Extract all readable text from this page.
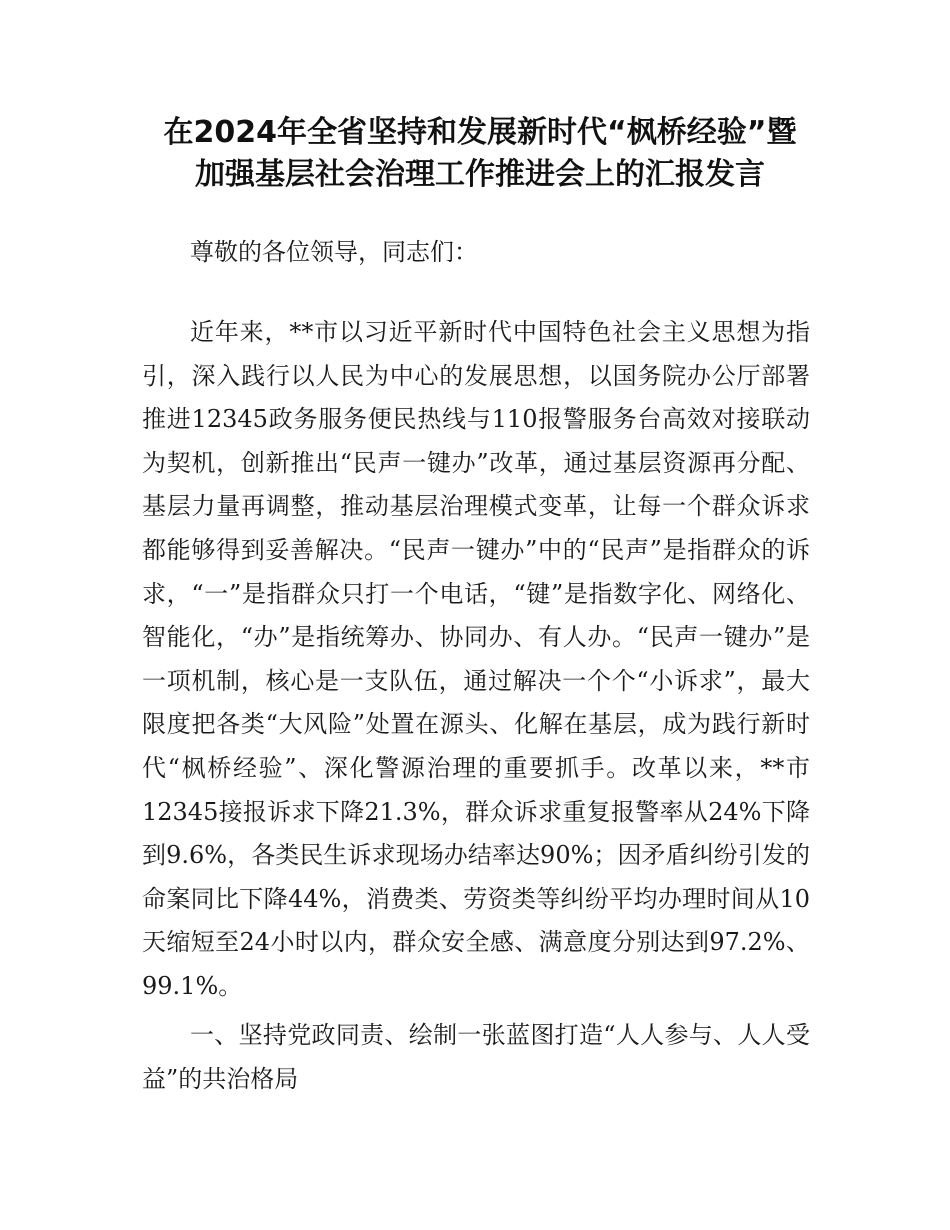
在2024年全省坚持和发展新时代“枫桥经验”暨加强基层社会治理工作推进会上的汇报发言

尊敬的各位领导，同志们：

近年来，**市以习近平新时代中国特色社会主义思想为指引，深入践行以人民为中心的发展思想，以国务院办公厅部署推进12345政务服务便民热线与110报警服务台高效对接联动为契机，创新推出“民声一键办”改革，通过基层资源再分配、基层力量再调整，推动基层治理模式变革，让每一个群众诉求都能够得到妥善解决。“民声一键办”中的“民声”是指群众的诉求，“一”是指群众只打一个电话，“键”是指数字化、网络化、智能化，“办”是指统筹办、协同办、有人办。“民声一键办”是一项机制，核心是一支队伍，通过解决一个个“小诉求”，最大限度把各类“大风险”处置在源头、化解在基层，成为践行新时代“枫桥经验”、深化警源治理的重要抓手。改革以来，**市12345接报诉求下降21.3%，群众诉求重复报警率从24%下降到9.6%，各类民生诉求现场办结率达90%；因矛盾纠纷引发的命案同比下降44%，消费类、劳资类等纠纷平均办理时间从10天缩短至24小时以内，群众安全感、满意度分别达到97.2%、99.1%。

一、坚持党政同责、绘制一张蓝图打造“人人参与、人人受益”的共治格局
